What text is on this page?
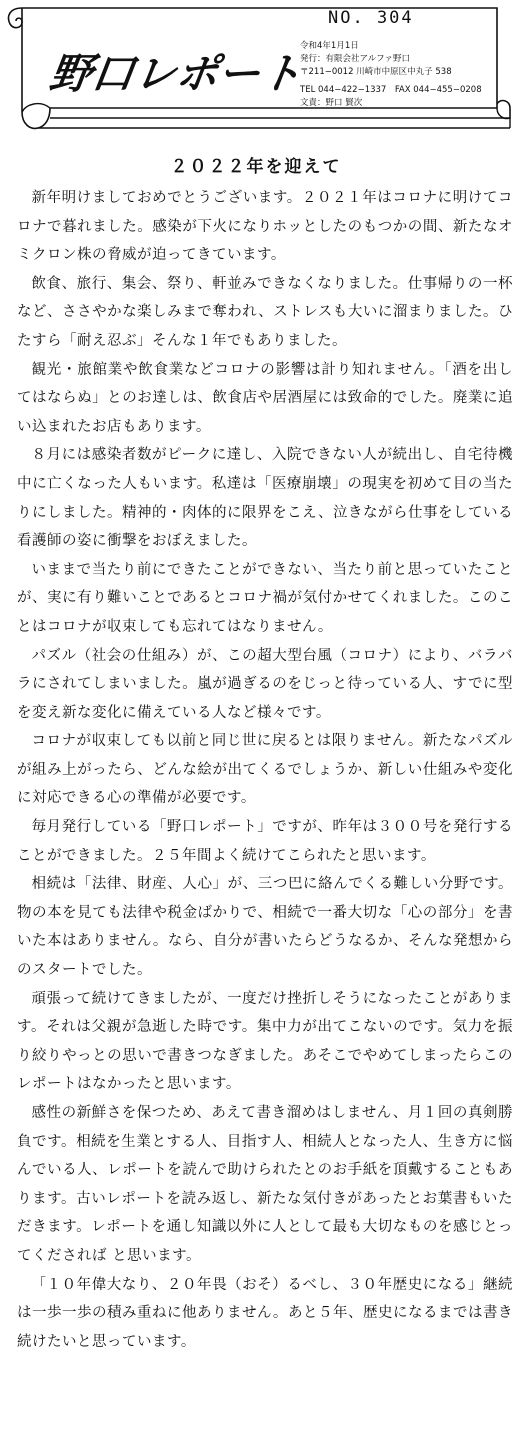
野口レポート
NO. 304
令和4年1月1日
発行：有限会社アルファ野口
〒211−0012 川崎市中原区中丸子 538
TEL 044−422−1337　FAX 044−455−0208
文責：野口 賢次
２０２２年を迎えて

新年明けましておめでとうございます。２０２１年はコロナに明けてコロナで暮れました。感染が下火になりホッとしたのもつかの間、新たなオミクロン株の脅威が迫ってきています。

飲食、旅行、集会、祭り、軒並みできなくなりました。仕事帰りの一杯など、ささやかな楽しみまで奪われ、ストレスも大いに溜まりました。ひたすら「耐え忍ぶ」そんな１年でもありました。

観光・旅館業や飲食業などコロナの影響は計り知れません。「酒を出してはならぬ」とのお達しは、飲食店や居酒屋には致命的でした。廃業に追い込まれたお店もあります。

８月には感染者数がピークに達し、入院できない人が続出し、自宅待機中に亡くなった人もいます。私達は「医療崩壊」の現実を初めて目の当たりにしました。精神的・肉体的に限界をこえ、泣きながら仕事をしている看護師の姿に衝撃をおぼえました。

いままで当たり前にできたことができない、当たり前と思っていたことが、実に有り難いことであるとコロナ禍が気付かせてくれました。このことはコロナが収束しても忘れてはなりません。

パズル（社会の仕組み）が、この超大型台風（コロナ）により、バラバラにされてしまいました。嵐が過ぎるのをじっと待っている人、すでに型を変え新な変化に備えている人など様々です。

コロナが収束しても以前と同じ世に戻るとは限りません。新たなパズルが組み上がったら、どんな絵が出てくるでしょうか、新しい仕組みや変化に対応できる心の準備が必要です。

毎月発行している「野口レポート」ですが、昨年は３００号を発行することができました。２５年間よく続けてこられたと思います。

相続は「法律、財産、人心」が、三つ巴に絡んでくる難しい分野です。物の本を見ても法律や税金ばかりで、相続で一番大切な「心の部分」を書いた本はありません。なら、自分が書いたらどうなるか、そんな発想からのスタートでした。

頑張って続けてきましたが、一度だけ挫折しそうになったことがあります。それは父親が急逝した時です。集中力が出てこないのです。気力を振り絞りやっとの思いで書きつなぎました。あそこでやめてしまったらこのレポートはなかったと思います。

感性の新鮮さを保つため、あえて書き溜めはしません、月１回の真剣勝負です。相続を生業とする人、目指す人、相続人となった人、生き方に悩んでいる人、レポートを読んで助けられたとのお手紙を頂戴することもあります。古いレポートを読み返し、新たな気付きがあったとお葉書もいただきます。レポートを通し知識以外に人として最も大切なものを感じとってくだされば と思います。

「１０年偉大なり、２０年畏（おそ）るべし、３０年歴史になる」継続は一歩一歩の積み重ねに他ありません。あと５年、歴史になるまでは書き続けたいと思っています。
